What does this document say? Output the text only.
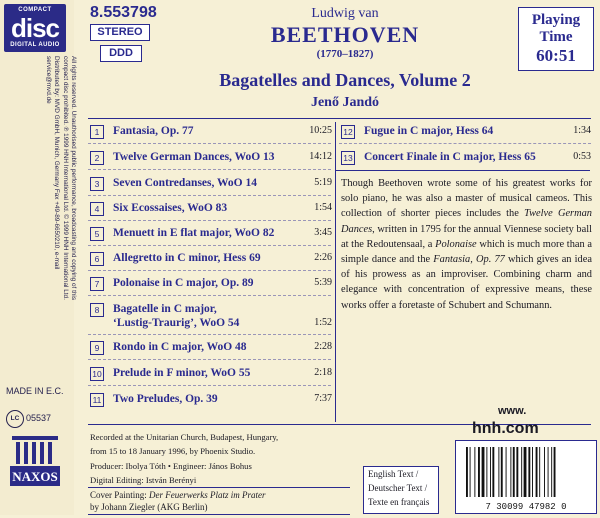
COMPACT
disc
DIGITAL AUDIO
All rights reserved. Unauthorised public performance, broadcasting and copying of this compact disc prohibited. ℗ 1999 HNH International Ltd. © 1999 HNH International Ltd. Distributed by: MVD GmbH, Munich, Germany Fax +49-89-6650210, e-mail service@mvd.de
MADE IN E.C.
LC 05537
NAXOS
8.553798
STEREO
DDD
Ludwig van
BEETHOVEN
(1770–1827)
Bagatelles and Dances, Volume 2
Jenő Jandó
Playing
Time
60:51
1	Fantasia, Op. 77	10:25
2	Twelve German Dances, WoO 13	14:12
3	Seven Contredanses, WoO 14	5:19
4	Six Ecossaises, WoO 83	1:54
5	Menuett in E flat major, WoO 82	3:45
6	Allegretto in C minor, Hess 69	2:26
7	Polonaise in C major, Op. 89	5:39
8	Bagatelle in C major,
‘Lustig-Traurig’, WoO 54	1:52
9	Rondo in C major, WoO 48	2:28
10 Prelude in F minor, WoO 55	2:18
11 Two Preludes, Op. 39	7:37
12 Fugue in C major, Hess 64	1:34
13 Concert Finale in C major, Hess 65	0:53
Though Beethoven wrote some of his greatest works for solo piano, he was also a master of musical cameos. This collection of shorter pieces includes the Twelve German Dances, written in 1795 for the annual Viennese society ball at the Redoutensaal, a Polonaise which is much more than a simple dance and the Fantasia, Op. 77 which gives an idea of his prowess as an improviser. Combining charm and elegance with concentration of expressive means, these works offer a foretaste of Schubert and Schumann.
Recorded at the Unitarian Church, Budapest, Hungary,
from 15 to 18 January 1996, by Phoenix Studio.
Producer: Ibolya Tóth • Engineer: János Bohus
Digital Editing: István Berényi
Cover Painting: Der Feuerwerks Platz im Prater
by Johann Ziegler (AKG Berlin)
www.
hnh.com
English Text /
Deutscher Text /
Texte en français	7 30099 47982 0
